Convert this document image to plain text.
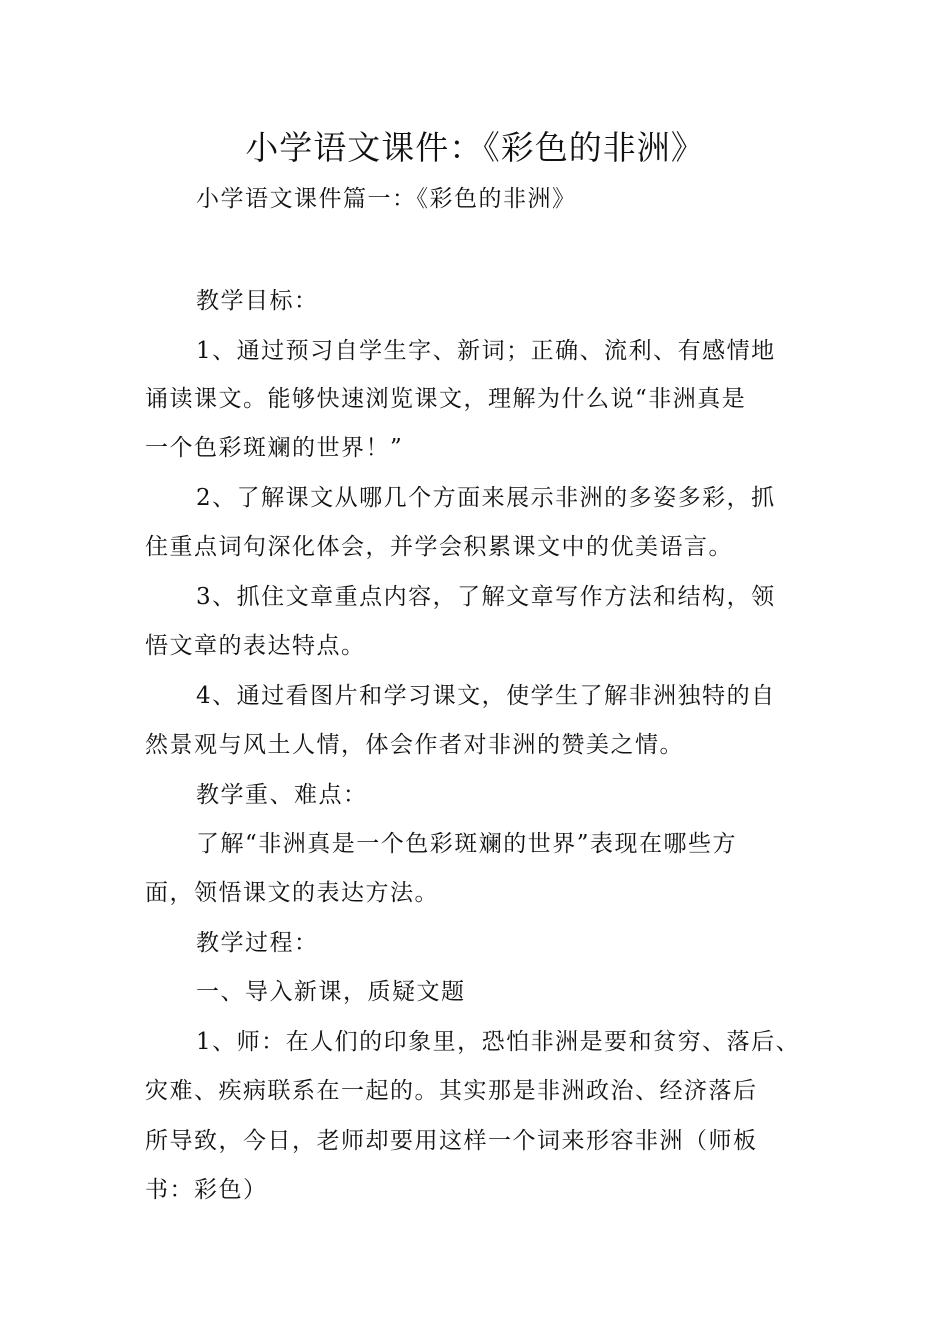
小学语文课件：《彩色的非洲》

小学语文课件篇一：《彩色的非洲》

教学目标：

1、通过预习自学生字、新词；正确、流利、有感情地

诵读课文。能够快速浏览课文，理解为什么说“非洲真是

一个色彩斑斓的世界！”

2、了解课文从哪几个方面来展示非洲的多姿多彩，抓

住重点词句深化体会，并学会积累课文中的优美语言。

3、抓住文章重点内容，了解文章写作方法和结构，领

悟文章的表达特点。

4、通过看图片和学习课文，使学生了解非洲独特的自

然景观与风土人情，体会作者对非洲的赞美之情。

教学重、难点：

了解“非洲真是一个色彩斑斓的世界”表现在哪些方

面，领悟课文的表达方法。

教学过程：

一、导入新课，质疑文题

1、师：在人们的印象里，恐怕非洲是要和贫穷、落后、

灾难、疾病联系在一起的。其实那是非洲政治、经济落后

所导致，今日，老师却要用这样一个词来形容非洲（师板

书：彩色）
